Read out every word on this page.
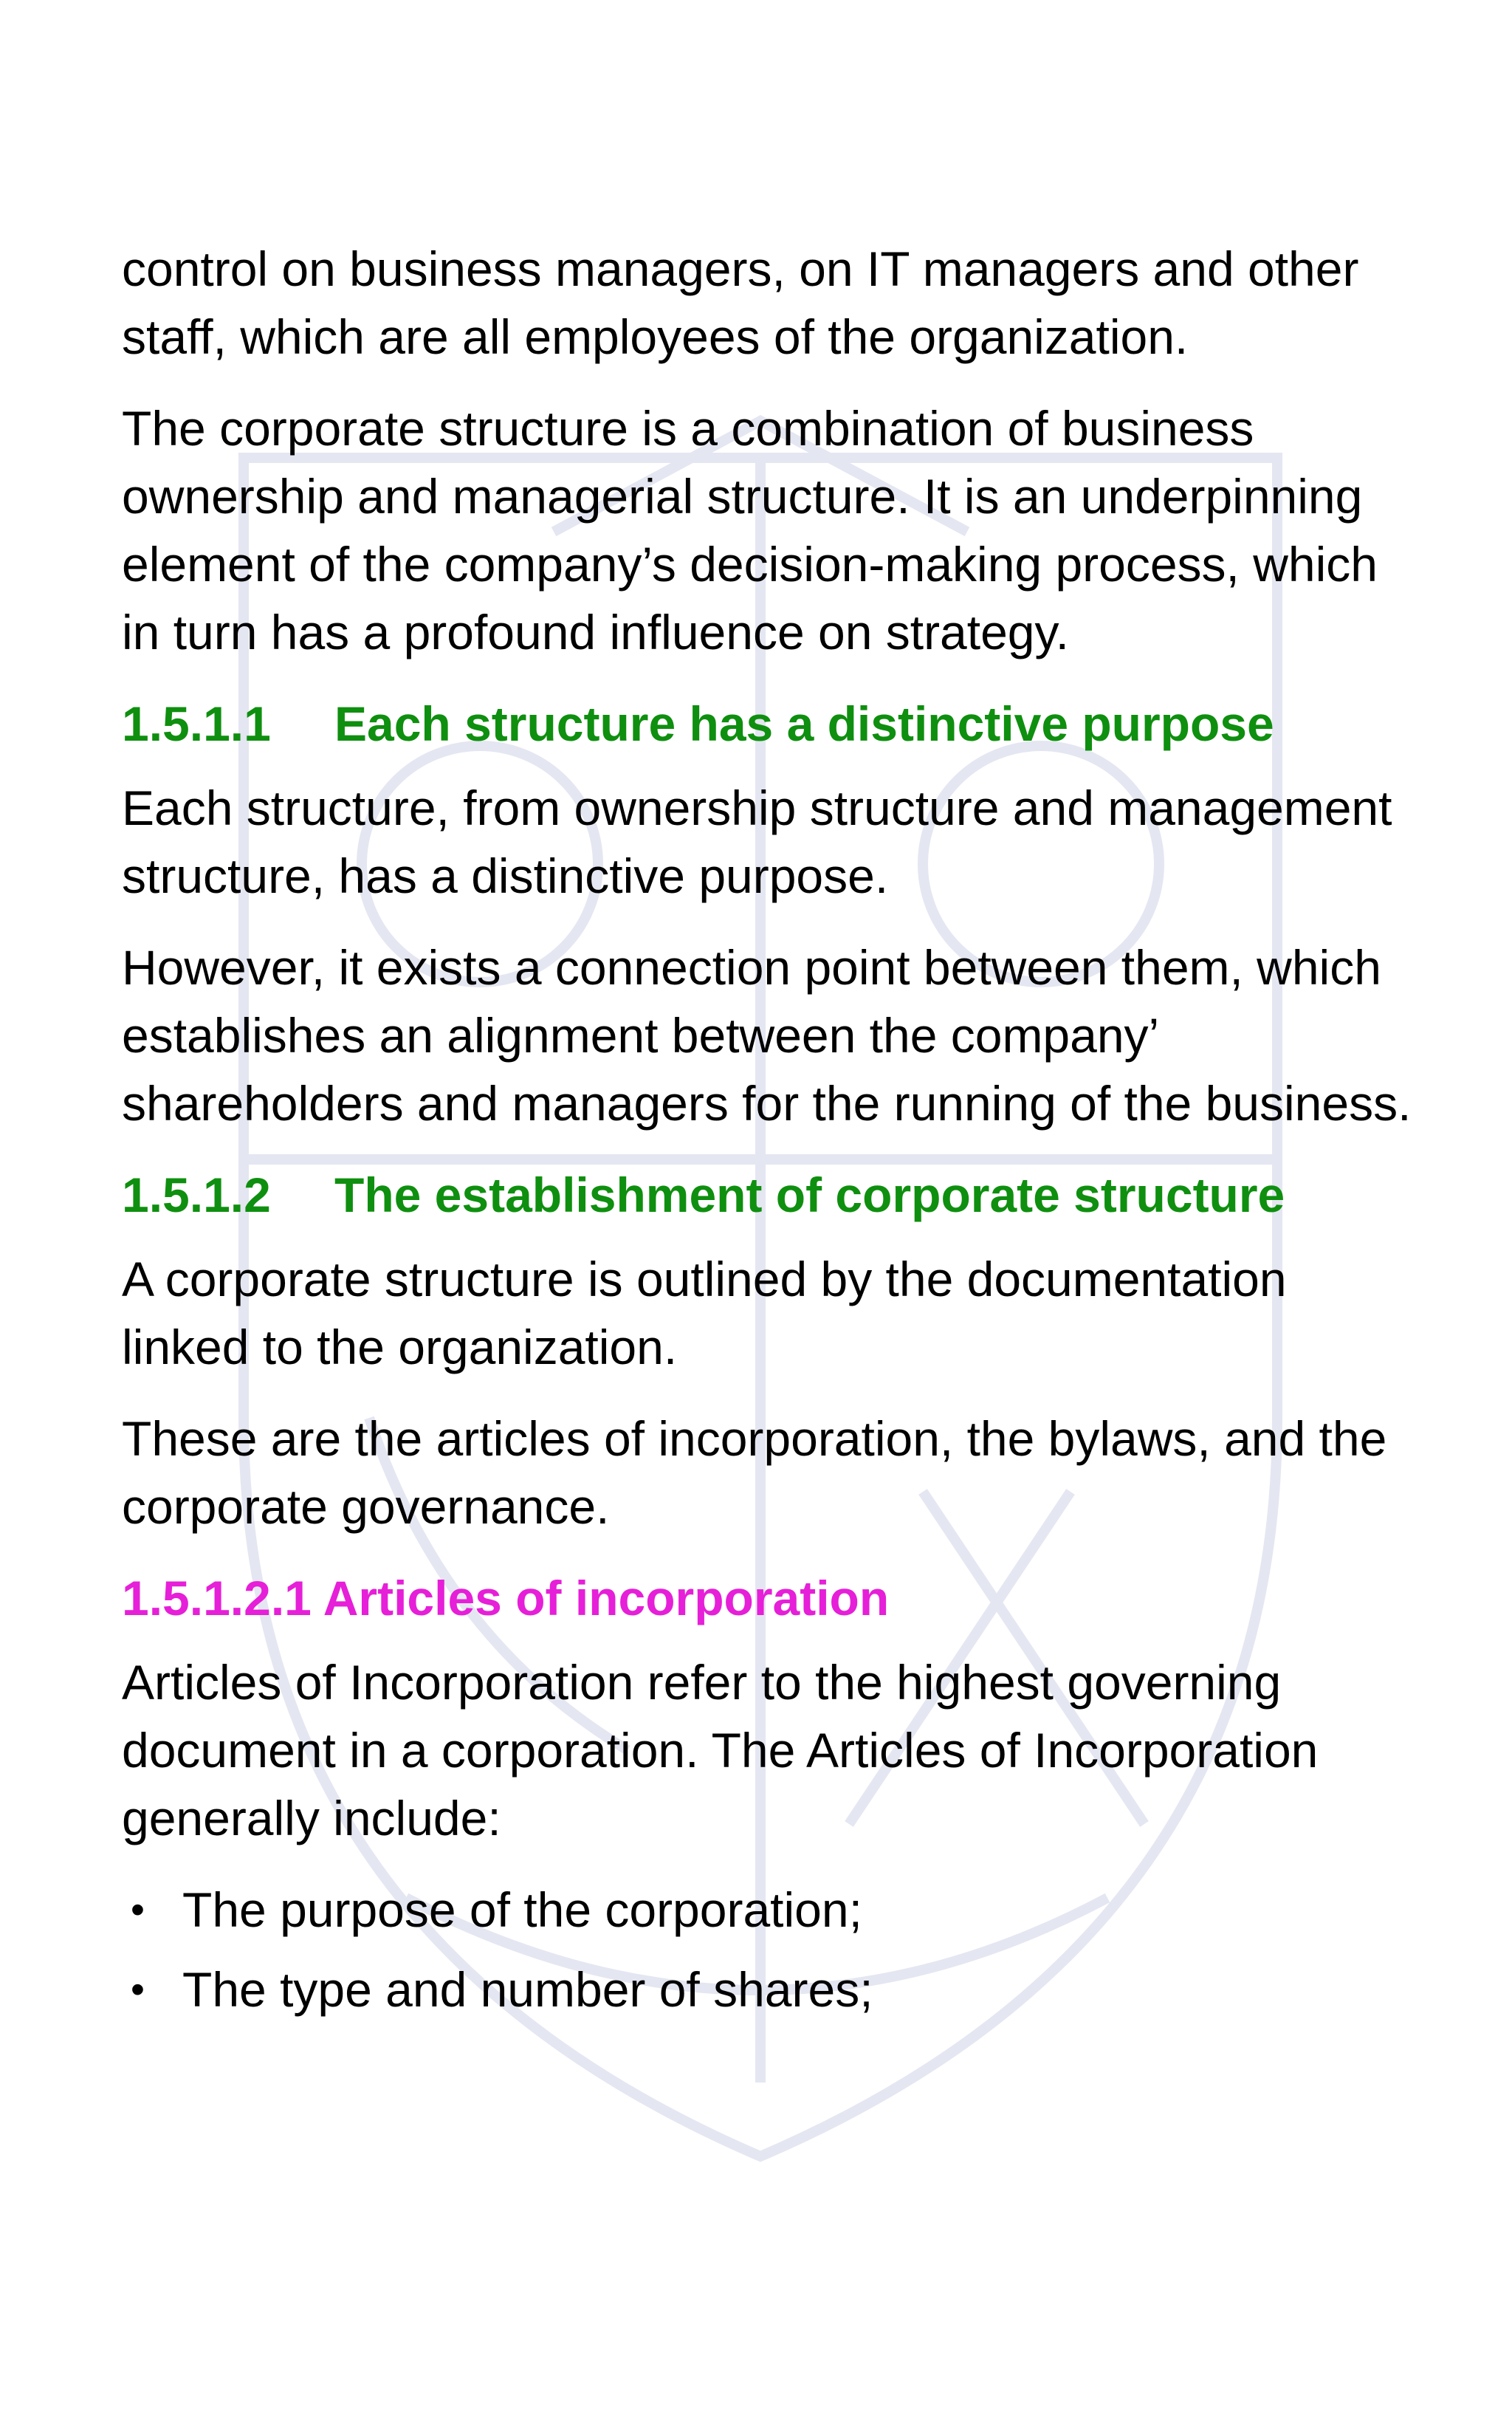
control on business managers, on IT managers and other staff, which are all employees of the organization.

The corporate structure is a combination of business ownership and managerial structure. It is an underpinning element of the company’s decision-making process, which in turn has a profound influence on strategy.

1.5.1.1 Each structure has a distinctive purpose

Each structure, from ownership structure and management structure, has a distinctive purpose.

However, it exists a connection point between them, which establishes an alignment between the company’ shareholders and managers for the running of the business.

1.5.1.2 The establishment of corporate structure

A corporate structure is outlined by the documentation linked to the organization.

These are the articles of incorporation, the bylaws, and the corporate governance.

1.5.1.2.1 Articles of incorporation

Articles of Incorporation refer to the highest governing document in a corporation. The Articles of Incorporation generally include:

• The purpose of the corporation;
• The type and number of shares;
